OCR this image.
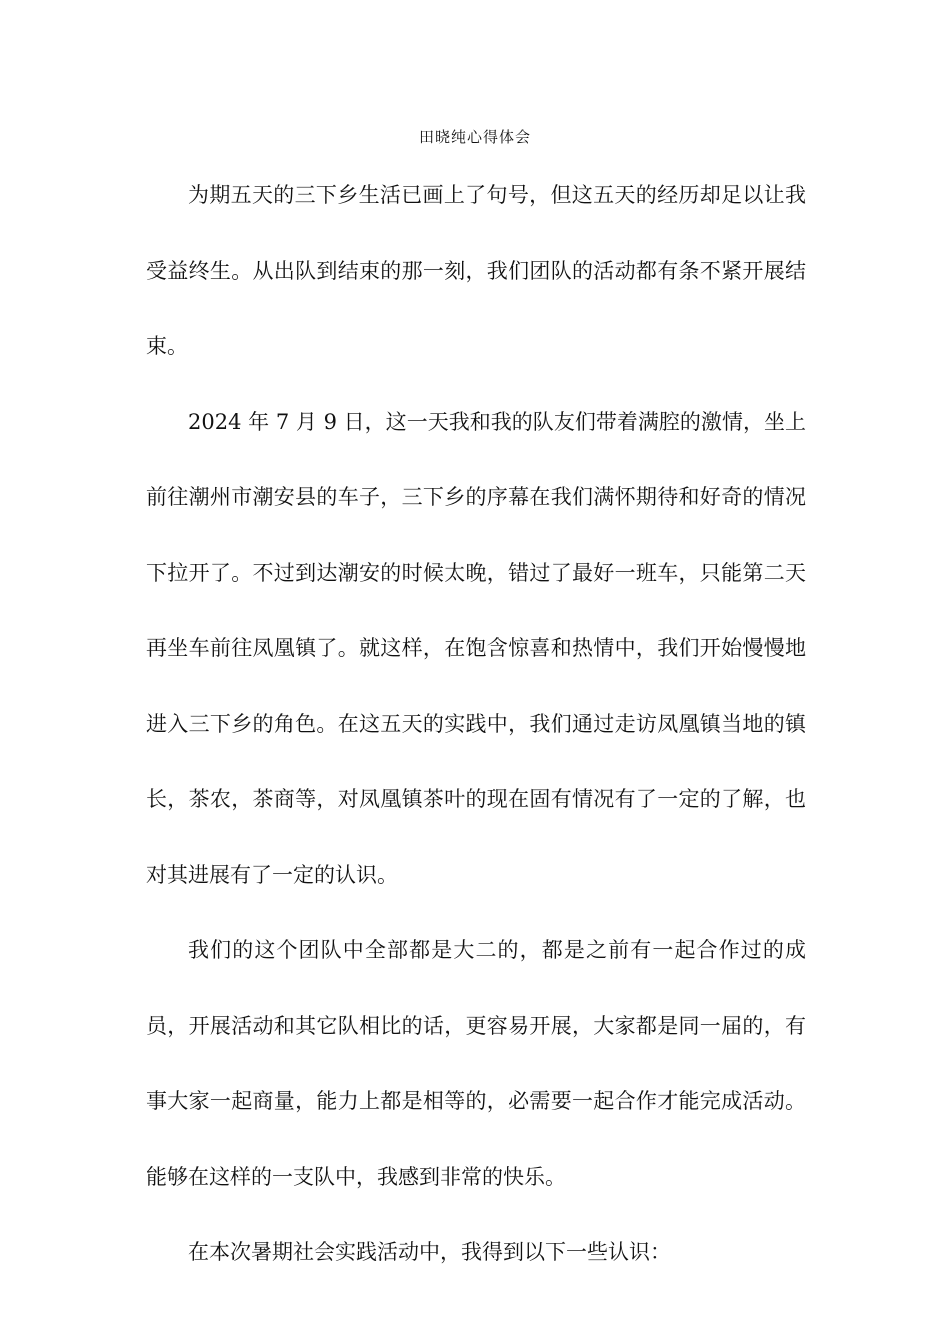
田晓纯心得体会

为期五天的三下乡生活已画上了句号，但这五天的经历却足以让我受益终生。从出队到结束的那一刻，我们团队的活动都有条不紧开展结束。

2024 年 7 月 9 日，这一天我和我的队友们带着满腔的激情，坐上前往潮州市潮安县的车子，三下乡的序幕在我们满怀期待和好奇的情况下拉开了。不过到达潮安的时候太晚，错过了最好一班车，只能第二天再坐车前往凤凰镇了。就这样，在饱含惊喜和热情中，我们开始慢慢地进入三下乡的角色。在这五天的实践中，我们通过走访凤凰镇当地的镇长，茶农，茶商等，对凤凰镇茶叶的现在固有情况有了一定的了解，也对其进展有了一定的认识。

我们的这个团队中全部都是大二的，都是之前有一起合作过的成员，开展活动和其它队相比的话，更容易开展，大家都是同一届的，有事大家一起商量，能力上都是相等的，必需要一起合作才能完成活动。能够在这样的一支队中，我感到非常的快乐。

在本次暑期社会实践活动中，我得到以下一些认识：
